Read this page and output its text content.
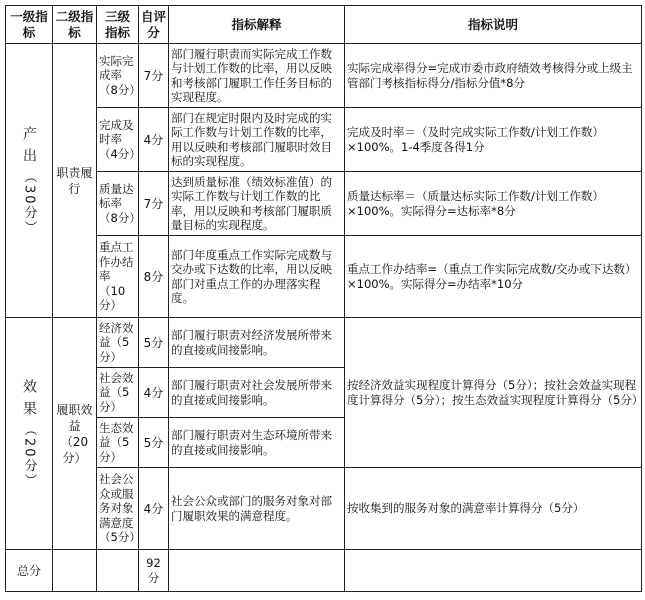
一级指标	二级指标	三级指标	自评分	指标解释	指标说明

产出
（30分）	职责履行	实际完成率（8分）	7分	部门履行职责而实际完成工作数与计划工作数的比率，用以反映和考核部门履职工作任务目标的实现程度。	实际完成率得分=完成市委市政府绩效考核得分或上级主管部门考核指标得分/指标分值*8分
		完成及时率（4分）	4分	部门在规定时限内及时完成的实际工作数与计划工作数的比率，用以反映和考核部门履职时效目标的实现程度。	完成及时率＝（及时完成实际工作数/计划工作数）×100%。1-4季度各得1分
		质量达标率（8分）	7分	达到质量标准（绩效标准值）的实际工作数与计划工作数的比率，用以反映和考核部门履职质量目标的实现程度。	质量达标率＝（质量达标实际工作数/计划工作数）×100%。实际得分=达标率*8分
		重点工作办结率（10分）	8分	部门年度重点工作实际完成数与交办或下达数的比率，用以反映部门对重点工作的办理落实程度。	重点工作办结率=（重点工作实际完成数/交办或下达数）×100%。实际得分=办结率*10分

效果
（20分）	履职效益（20分）	经济效益（5分）	5分	部门履行职责对经济发展所带来的直接或间接影响。	按经济效益实现程度计算得分（5分）；按社会效益实现程度计算得分（5分）；按生态效益实现程度计算得分（5分）
		社会效益（5分）	4分	部门履行职责对社会发展所带来的直接或间接影响。	
		生态效益（5分）	5分	部门履行职责对生态环境所带来的直接或间接影响。	
		社会公众或服务对象满意度（5分）	4分	社会公众或部门的服务对象对部门履职效果的满意程度。	按收集到的服务对象的满意率计算得分（5分）
总分			92分		
